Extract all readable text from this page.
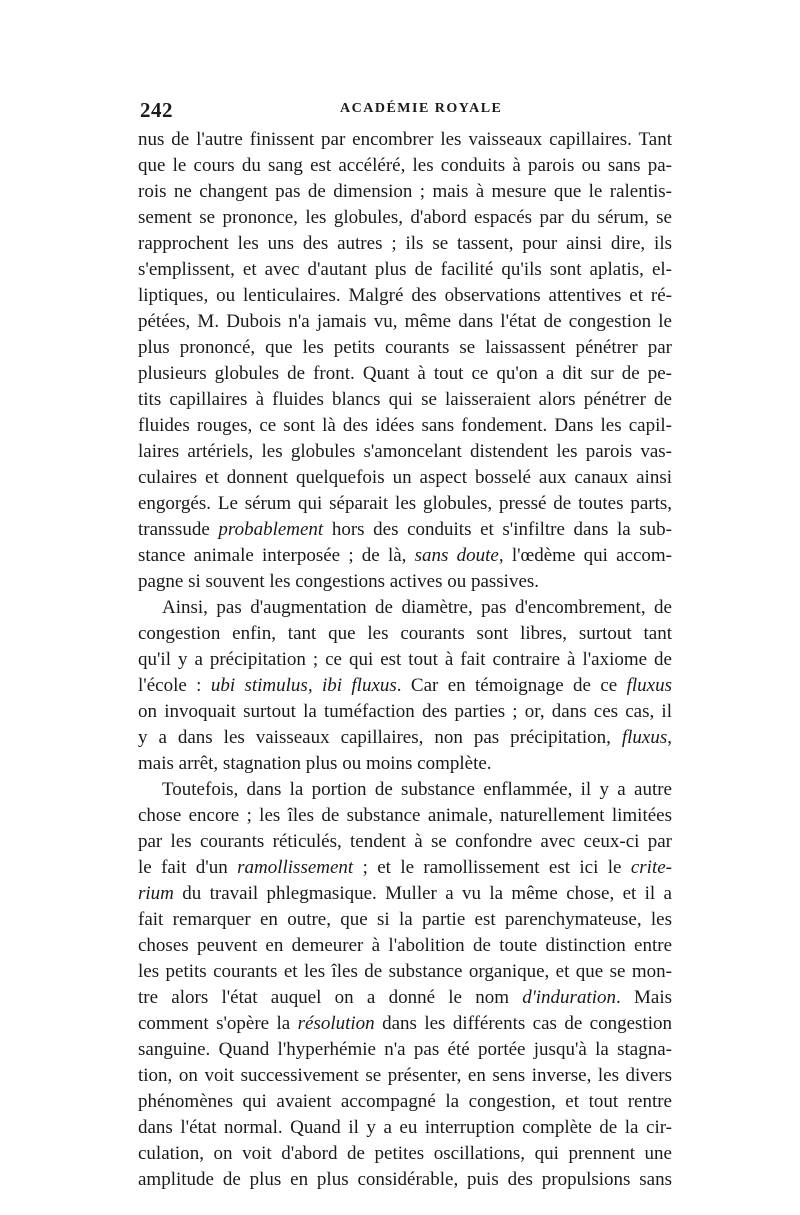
242	ACADÉMIE ROYALE
nus de l'autre finissent par encombrer les vaisseaux capillaires. Tant
que le cours du sang est accéléré, les conduits à parois ou sans pa-
rois ne changent pas de dimension ; mais à mesure que le ralentis-
sement se prononce, les globules, d'abord espacés par du sérum, se
rapprochent les uns des autres ; ils se tassent, pour ainsi dire, ils
s'emplissent, et avec d'autant plus de facilité qu'ils sont aplatis, el-
liptiques, ou lenticulaires. Malgré des observations attentives et ré-
pétées, M. Dubois n'a jamais vu, même dans l'état de congestion le
plus prononcé, que les petits courants se laissassent pénétrer par
plusieurs globules de front. Quant à tout ce qu'on a dit sur de pe-
tits capillaires à fluides blancs qui se laisseraient alors pénétrer de
fluides rouges, ce sont là des idées sans fondement. Dans les capil-
laires artériels, les globules s'amoncelant distendent les parois vas-
culaires et donnent quelquefois un aspect bosselé aux canaux ainsi
engorgés. Le sérum qui séparait les globules, pressé de toutes parts,
transsude probablement hors des conduits et s'infiltre dans la sub-
stance animale interposée ; de là, sans doute, l'œdème qui accom-
pagne si souvent les congestions actives ou passives.
Ainsi, pas d'augmentation de diamètre, pas d'encombrement, de
congestion enfin, tant que les courants sont libres, surtout tant
qu'il y a précipitation ; ce qui est tout à fait contraire à l'axiome de
l'école : ubi stimulus, ibi fluxus. Car en témoignage de ce fluxus
on invoquait surtout la tuméfaction des parties ; or, dans ces cas, il
y a dans les vaisseaux capillaires, non pas précipitation, fluxus,
mais arrêt, stagnation plus ou moins complète.
Toutefois, dans la portion de substance enflammée, il y a autre
chose encore ; les îles de substance animale, naturellement limitées
par les courants réticulés, tendent à se confondre avec ceux-ci par
le fait d'un ramollissement ; et le ramollissement est ici le crite-
rium du travail phlegmasique. Muller a vu la même chose, et il a
fait remarquer en outre, que si la partie est parenchymateuse, les
choses peuvent en demeurer à l'abolition de toute distinction entre
les petits courants et les îles de substance organique, et que se mon-
tre alors l'état auquel on a donné le nom d'induration. Mais
comment s'opère la résolution dans les différents cas de congestion
sanguine. Quand l'hyperhémie n'a pas été portée jusqu'à la stagna-
tion, on voit successivement se présenter, en sens inverse, les divers
phénomènes qui avaient accompagné la congestion, et tout rentre
dans l'état normal. Quand il y a eu interruption complète de la cir-
culation, on voit d'abord de petites oscillations, qui prennent une
amplitude de plus en plus considérable, puis des propulsions sans
